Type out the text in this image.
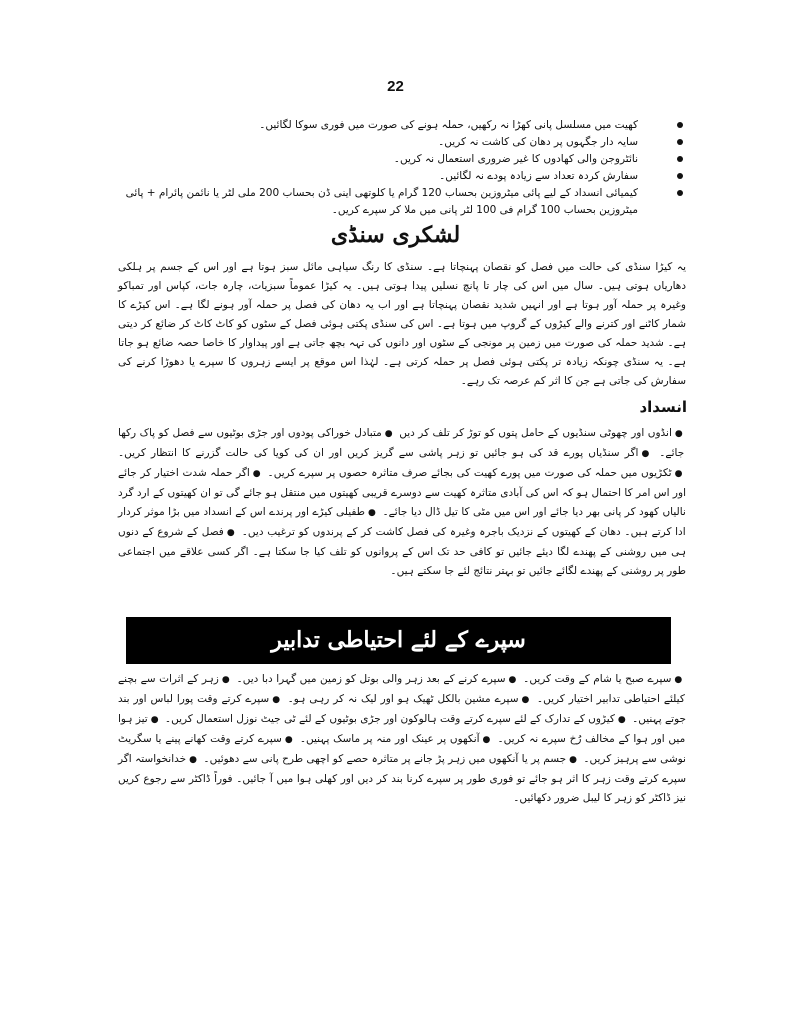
22
کھیت میں مسلسل پانی کھڑا نہ رکھیں، حملہ ہونے کی صورت میں فوری سوکا لگائیں۔
سایہ دار جگہوں پر دھان کی کاشت نہ کریں۔
نائٹروجن والی کھادوں کا غیر ضروری استعمال نہ کریں۔
سفارش کردہ تعداد سے زیادہ پودے نہ لگائیں۔
کیمیائی انسداد کے لیے پائی میٹروزین بحساب 120 گرام یا کلوتھی اینی ڈن بحساب 200 ملی لٹر یا نائمن پائرام + پائی میٹروزین بحساب 100 گرام فی 100 لٹر پانی میں ملا کر سپرے کریں۔
لشکری سنڈی

یہ کیڑا سنڈی کی حالت میں فصل کو نقصان پہنچاتا ہے۔ سنڈی کا رنگ سیاہی مائل سبز ہوتا ہے اور اس کے جسم پر ہلکی دھاریاں ہوتی ہیں۔ سال میں اس کی چار تا پانچ نسلیں پیدا ہوتی ہیں۔ یہ کیڑا عموماً سبزیات، چارہ جات، کپاس اور تمباکو وغیرہ پر حملہ آور ہوتا ہے اور انہیں شدید نقصان پہنچاتا ہے اور اب یہ دھان کی فصل پر حملہ آور ہونے لگا ہے۔ اس کیڑے کا شمار کاٹنے اور کترنے والے کیڑوں کے گروپ میں ہوتا ہے۔ اس کی سنڈی پکتی ہوئی فصل کے سٹوں کو کاٹ کاٹ کر ضائع کر دیتی ہے۔ شدید حملہ کی صورت میں زمین پر مونجی کے سٹوں اور دانوں کی تہہ بچھ جاتی ہے اور پیداوار کا خاصا حصہ ضائع ہو جاتا ہے۔ یہ سنڈی چونکہ زیادہ تر پکتی ہوئی فصل پر حملہ کرتی ہے۔ لہٰذا اس موقع پر ایسے زہروں کا سپرے یا دھوڑا کرنے کی سفارش کی جاتی ہے جن کا اثر کم عرصہ تک رہے۔

انسداد

●انڈوں اور چھوٹی سنڈیوں کے حامل پتوں کو توڑ کر تلف کر دیں ●متبادل خوراکی پودوں اور جڑی بوٹیوں سے فصل کو پاک رکھا جائے۔ ●اگر سنڈیاں پورے قد کی ہو جائیں تو زہر پاشی سے گریز کریں اور ان کی کویا کی حالت گزرنے کا انتظار کریں۔ ●ٹکڑیوں میں حملہ کی صورت میں پورے کھیت کی بجائے صرف متاثرہ حصوں پر سپرے کریں۔ ●اگر حملہ شدت اختیار کر جائے اور اس امر کا احتمال ہو کہ اس کی آبادی متاثرہ کھیت سے دوسرے قریبی کھیتوں میں منتقل ہو جائے گی تو ان کھیتوں کے ارد گرد نالیاں کھود کر پانی بھر دیا جائے اور اس میں مٹی کا تیل ڈال دیا جائے۔ ●طفیلی کیڑے اور پرندے اس کے انسداد میں بڑا موثر کردار ادا کرتے ہیں۔ دھان کے کھیتوں کے نزدیک باجرہ وغیرہ کی فصل کاشت کر کے پرندوں کو ترغیب دیں۔ ●فصل کے شروع کے دنوں ہی میں روشنی کے پھندے لگا دیئے جائیں تو کافی حد تک اس کے پروانوں کو تلف کیا جا سکتا ہے۔ اگر کسی علاقے میں اجتماعی طور پر روشنی کے پھندے لگائے جائیں تو بہتر نتائج لئے جا سکتے ہیں۔

سپرے کے لئے احتیاطی تدابیر

●سپرے صبح یا شام کے وقت کریں۔ ●سپرے کرنے کے بعد زہر والی بوتل کو زمین میں گہرا دبا دیں۔ ●زہر کے اثرات سے بچنے کیلئے احتیاطی تدابیر اختیار کریں۔ ●سپرے مشین بالکل ٹھیک ہو اور لیک نہ کر رہی ہو۔ ●سپرے کرتے وقت پورا لباس اور بند جوتے پہنیں۔ ●کیڑوں کے تدارک کے لئے سپرے کرتے وقت ہالوکون اور جڑی بوٹیوں کے لئے ٹی جیٹ نوزل استعمال کریں۔ ●تیز ہوا میں اور ہوا کے مخالف رُخ سپرے نہ کریں۔ ●آنکھوں پر عینک اور منہ پر ماسک پہنیں۔ ●سپرے کرتے وقت کھانے پینے یا سگریٹ نوشی سے پرہیز کریں۔ ●جسم پر یا آنکھوں میں زہر پڑ جانے پر متاثرہ حصے کو اچھی طرح پانی سے دھوئیں۔ ●خدانخواستہ اگر سپرے کرتے وقت زہر کا اثر ہو جائے تو فوری طور پر سپرے کرنا بند کر دیں اور کھلی ہوا میں آ جائیں۔ فوراً ڈاکٹر سے رجوع کریں نیز ڈاکٹر کو زہر کا لیبل ضرور دکھائیں۔
